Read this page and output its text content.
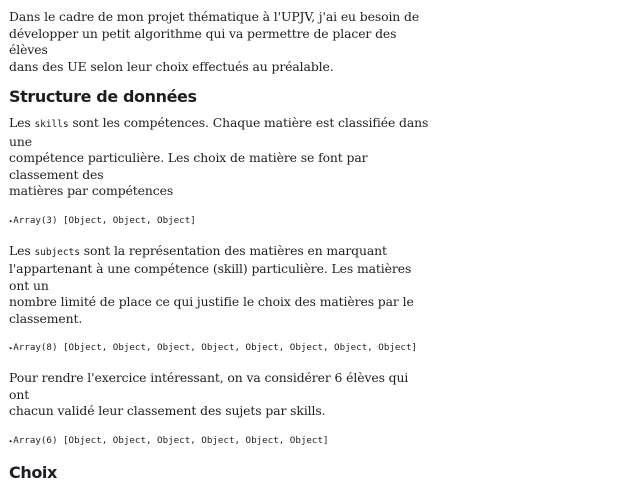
Dans le cadre de mon projet thématique à l'UPJV, j'ai eu besoin de
développer un petit algorithme qui va permettre de placer des élèves
dans des UE selon leur choix effectués au préalable.

Structure de données

Les skills sont les compétences. Chaque matière est classifiée dans une
compétence particulière. Les choix de matière se font par classement des
matières par compétences

▸Array(3) [Object, Object, Object]

Les subjects sont la représentation des matières en marquant
l'appartenant à une compétence (skill) particulière. Les matières ont un
nombre limité de place ce qui justifie le choix des matières par le
classement.

▸Array(8) [Object, Object, Object, Object, Object, Object, Object, Object]

Pour rendre l'exercice intéressant, on va considérer 6 élèves qui ont
chacun validé leur classement des sujets par skills.

▸Array(6) [Object, Object, Object, Object, Object, Object]
Choix
